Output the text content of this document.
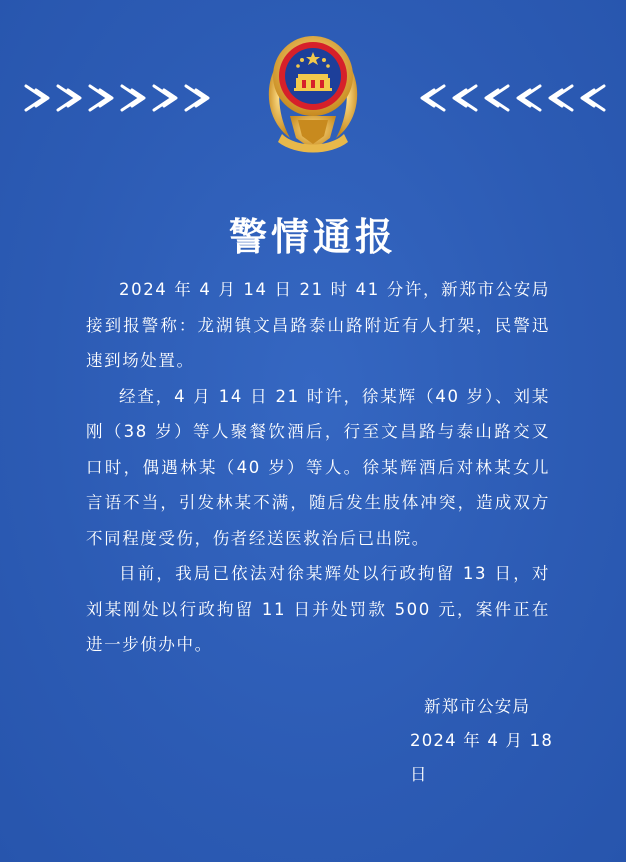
警情通报

2024 年 4 月 14 日 21 时 41 分许，新郑市公安局接到报警称：龙湖镇文昌路泰山路附近有人打架，民警迅速到场处置。

经查，4 月 14 日 21 时许，徐某辉（40 岁）、刘某刚（38 岁）等人聚餐饮酒后，行至文昌路与泰山路交叉口时，偶遇林某（40 岁）等人。徐某辉酒后对林某女儿言语不当，引发林某不满，随后发生肢体冲突，造成双方不同程度受伤，伤者经送医救治后已出院。

目前，我局已依法对徐某辉处以行政拘留 13 日，对刘某刚处以行政拘留 11 日并处罚款 500 元，案件正在进一步侦办中。

新郑市公安局
2024 年 4 月 18 日
